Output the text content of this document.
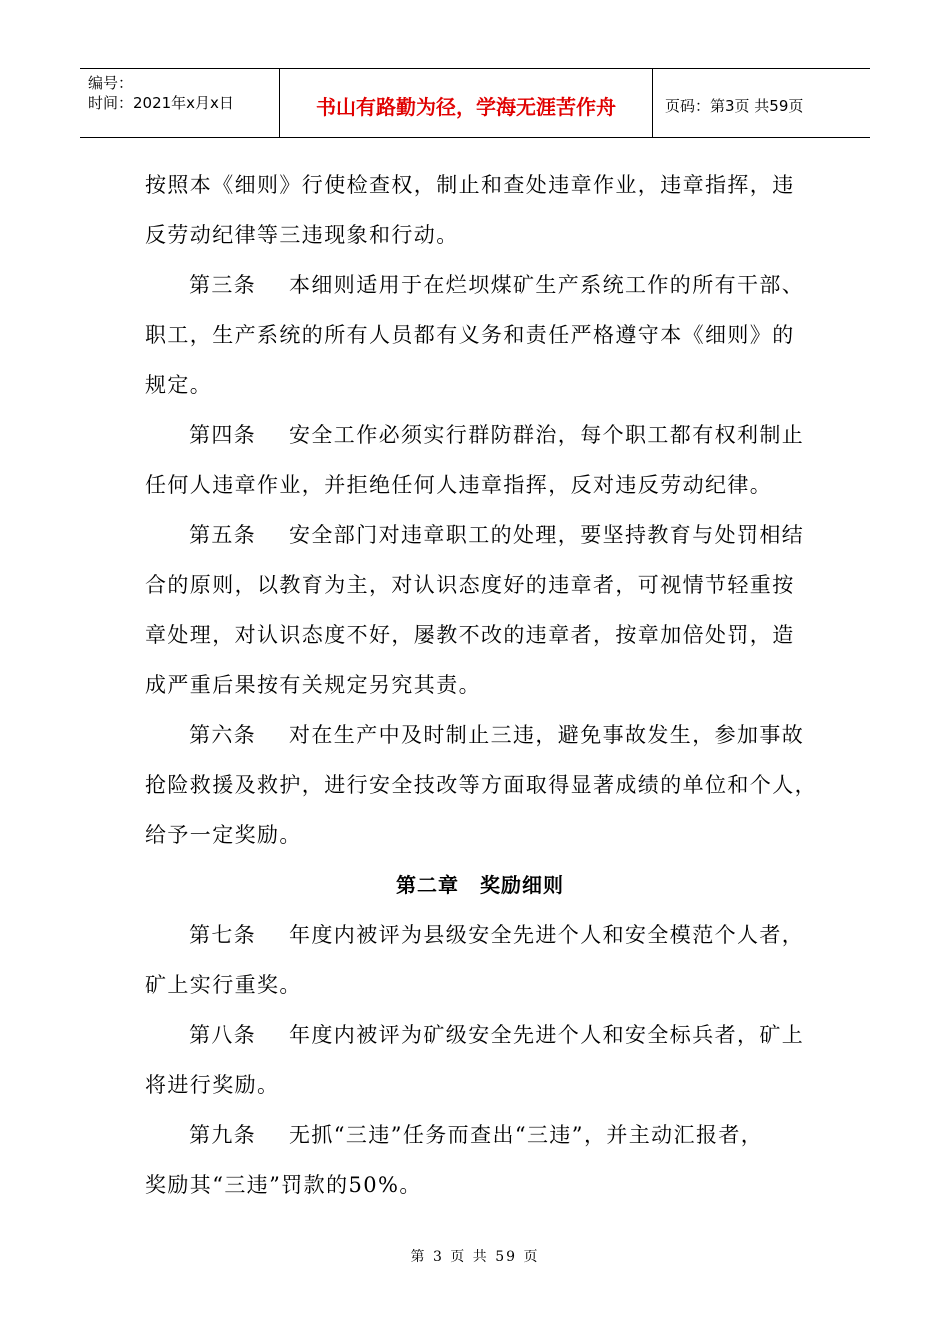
编号：
时间：2021年x月x日	书山有路勤为径，学海无涯苦作舟	页码：第3页 共59页
按照本《细则》行使检查权，制止和查处违章作业，违章指挥，违
反劳动纪律等三违现象和行动。
第三条 本细则适用于在烂坝煤矿生产系统工作的所有干部、
职工，生产系统的所有人员都有义务和责任严格遵守本《细则》的
规定。
第四条 安全工作必须实行群防群治，每个职工都有权利制止
任何人违章作业，并拒绝任何人违章指挥，反对违反劳动纪律。
第五条 安全部门对违章职工的处理，要坚持教育与处罚相结
合的原则，以教育为主，对认识态度好的违章者，可视情节轻重按
章处理，对认识态度不好，屡教不改的违章者，按章加倍处罚，造
成严重后果按有关规定另究其责。
第六条 对在生产中及时制止三违，避免事故发生，参加事故
抢险救援及救护，进行安全技改等方面取得显著成绩的单位和个人，
给予一定奖励。
第二章　奖励细则
第七条 年度内被评为县级安全先进个人和安全模范个人者，
矿上实行重奖。
第八条 年度内被评为矿级安全先进个人和安全标兵者，矿上
将进行奖励。
第九条 无抓“三违”任务而查出“三违”，并主动汇报者，
奖励其“三违”罚款的50%。
第 3 页 共 59 页
